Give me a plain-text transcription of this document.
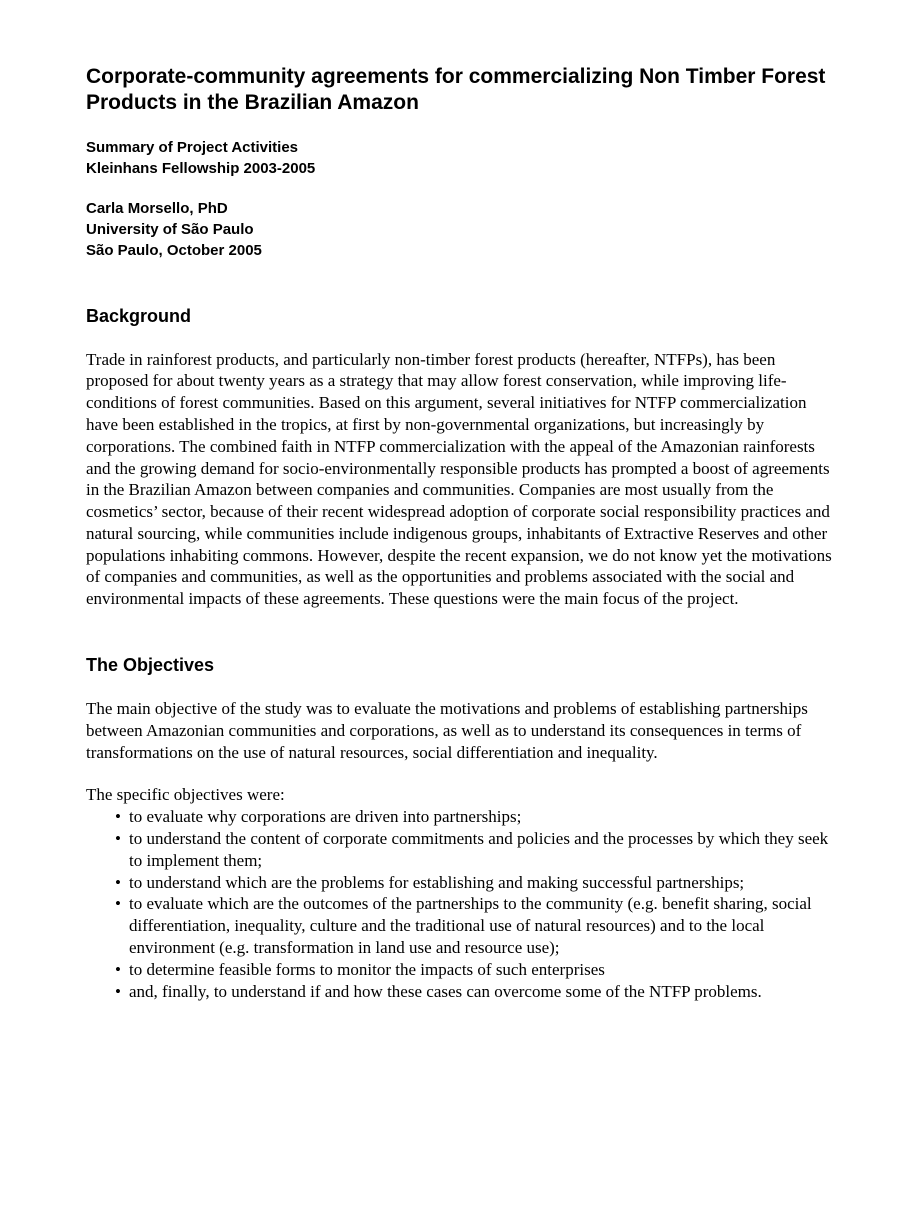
Corporate-community agreements for commercializing Non Timber Forest Products in the Brazilian Amazon
Summary of Project Activities
Kleinhans Fellowship 2003-2005
Carla Morsello, PhD
University of São Paulo
São Paulo, October 2005
Background

Trade in rainforest products, and particularly non-timber forest products (hereafter, NTFPs), has been proposed for about twenty years as a strategy that may allow forest conservation, while improving life-conditions of forest communities. Based on this argument, several initiatives for NTFP commercialization have been established in the tropics, at first by non-governmental organizations, but increasingly by corporations. The combined faith in NTFP commercialization with the appeal of the Amazonian rainforests and the growing demand for socio-environmentally responsible products has prompted a boost of agreements in the Brazilian Amazon between companies and communities. Companies are most usually from the cosmetics’ sector, because of their recent widespread adoption of corporate social responsibility practices and natural sourcing, while communities include indigenous groups, inhabitants of Extractive Reserves and other populations inhabiting commons. However, despite the recent expansion, we do not know yet the motivations of companies and communities, as well as the opportunities and problems associated with the social and environmental impacts of these agreements. These questions were the main focus of the project.

The Objectives

The main objective of the study was to evaluate the motivations and problems of establishing partnerships between Amazonian communities and corporations, as well as to understand its consequences in terms of transformations on the use of natural resources, social differentiation and inequality.

The specific objectives were:

• to evaluate why corporations are driven into partnerships;
• to understand the content of corporate commitments and policies and the processes by which they seek to implement them;
• to understand which are the problems for establishing and making successful partnerships;
• to evaluate which are the outcomes of the partnerships to the community (e.g. benefit sharing, social differentiation, inequality, culture and the traditional use of natural resources) and to the local environment (e.g. transformation in land use and resource use);
• to determine feasible forms to monitor the impacts of such enterprises
• and, finally, to understand if and how these cases can overcome some of the NTFP problems.
